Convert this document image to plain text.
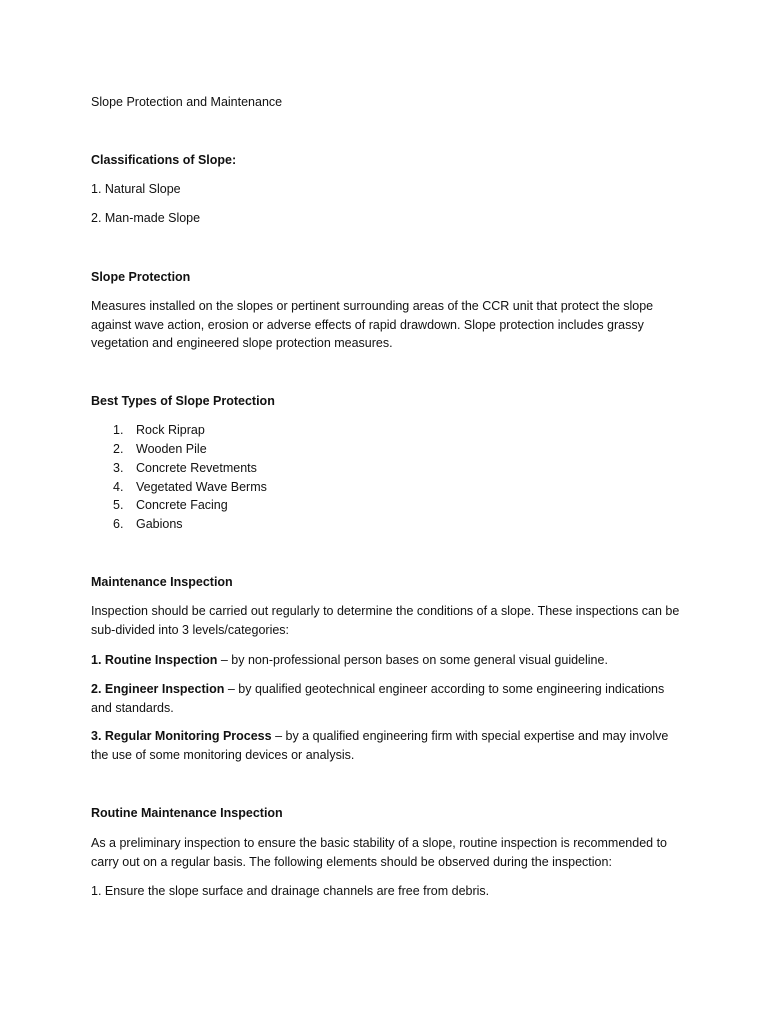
Slope Protection and Maintenance

Classifications of Slope:

1. Natural Slope

2. Man-made Slope

Slope Protection

Measures installed on the slopes or pertinent surrounding areas of the CCR unit that protect the slope against wave action, erosion or adverse effects of rapid drawdown. Slope protection includes grassy vegetation and engineered slope protection measures.

Best Types of Slope Protection

1.	Rock Riprap
2.	Wooden Pile
3.	Concrete Revetments
4.	Vegetated Wave Berms
5.	Concrete Facing
6.	Gabions

Maintenance Inspection

Inspection should be carried out regularly to determine the conditions of a slope. These inspections can be sub-divided into 3 levels/categories:

1. Routine Inspection – by non-professional person bases on some general visual guideline.

2. Engineer Inspection – by qualified geotechnical engineer according to some engineering indications and standards.

3. Regular Monitoring Process – by a qualified engineering firm with special expertise and may involve the use of some monitoring devices or analysis.

Routine Maintenance Inspection

As a preliminary inspection to ensure the basic stability of a slope, routine inspection is recommended to carry out on a regular basis. The following elements should be observed during the inspection:

1. Ensure the slope surface and drainage channels are free from debris.
